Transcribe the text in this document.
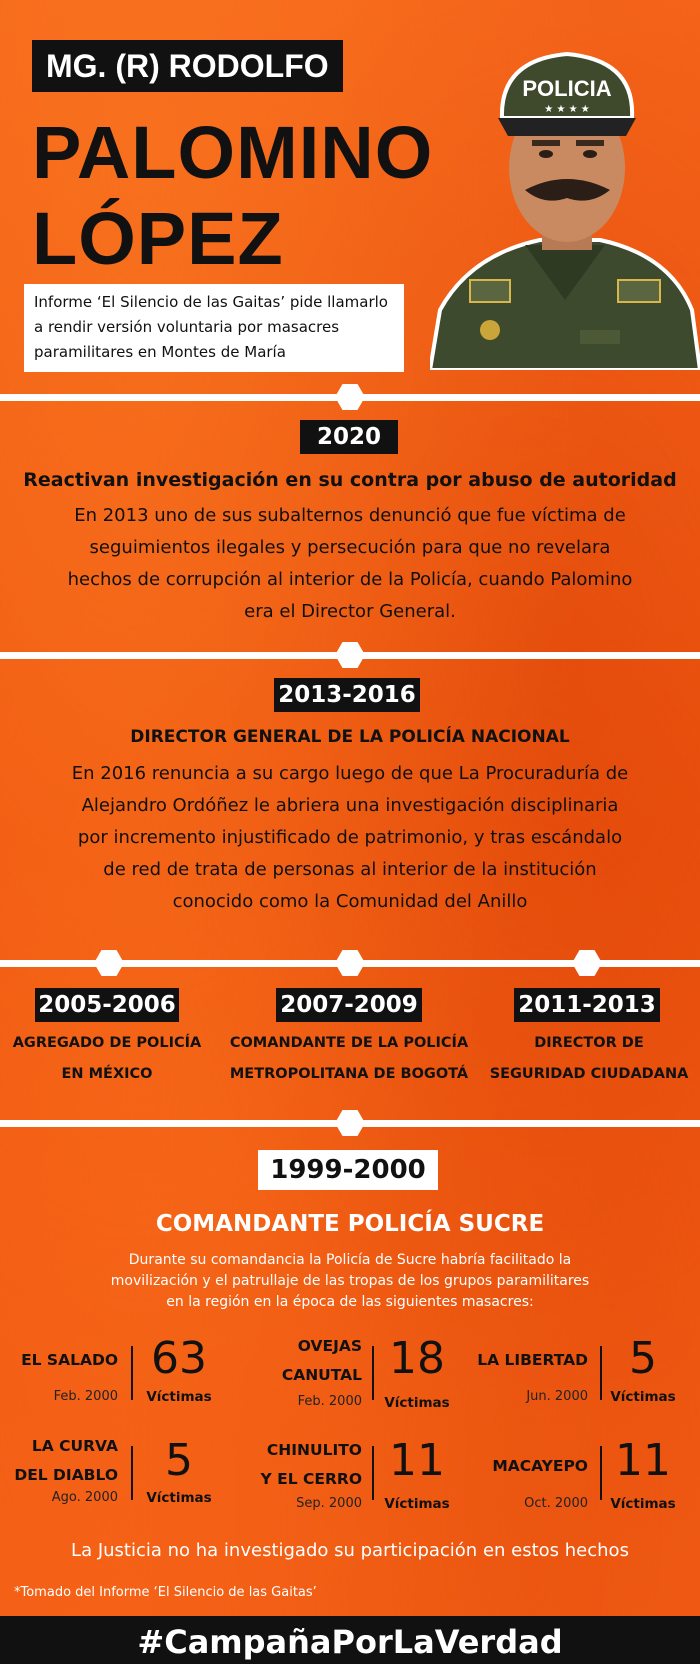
MG. (R) RODOLFO
PALOMINO
LÓPEZ
POLICIA
★ ★ ★ ★
Informe ‘El Silencio de las Gaitas’ pide llamarlo a rendir versión voluntaria por masacres paramilitares en Montes de María
2020
Reactivan investigación en su contra por abuso de autoridad
En 2013 uno de sus subalternos denunció que fue víctima de
seguimientos ilegales y persecución para que no revelara
hechos de corrupción al interior de la Policía, cuando Palomino
era el Director General.
2013-2016
DIRECTOR GENERAL DE LA POLICÍA NACIONAL
En 2016 renuncia a su cargo luego de que La Procuraduría de
Alejandro Ordóñez le abriera una investigación disciplinaria
por incremento injustificado de patrimonio, y tras escándalo
de red de trata de personas al interior de la institución
conocido como la Comunidad del Anillo
2005-2006
AGREGADO DE POLICÍA
EN MÉXICO
2007-2009
COMANDANTE DE LA POLICÍA
METROPOLITANA DE BOGOTÁ
2011-2013
DIRECTOR DE
SEGURIDAD CIUDADANA
1999-2000
COMANDANTE POLICÍA SUCRE
Durante su comandancia la Policía de Sucre habría facilitado la
movilización y el patrullaje de las tropas de los grupos paramilitares
en la región en la época de las siguientes masacres:
EL SALADO
Feb. 2000
63
Víctimas
OVEJAS
CANUTAL
Feb. 2000
18
Víctimas
LA LIBERTAD
Jun. 2000
5
Víctimas
LA CURVA
DEL DIABLO
Ago. 2000
5
Víctimas
CHINULITO
Y EL CERRO
Sep. 2000
11
Víctimas
MACAYEPO
Oct. 2000
11
Víctimas
La Justicia no ha investigado su participación en estos hechos
*Tomado del Informe ‘El Silencio de las Gaitas’
#CampañaPorLaVerdad
